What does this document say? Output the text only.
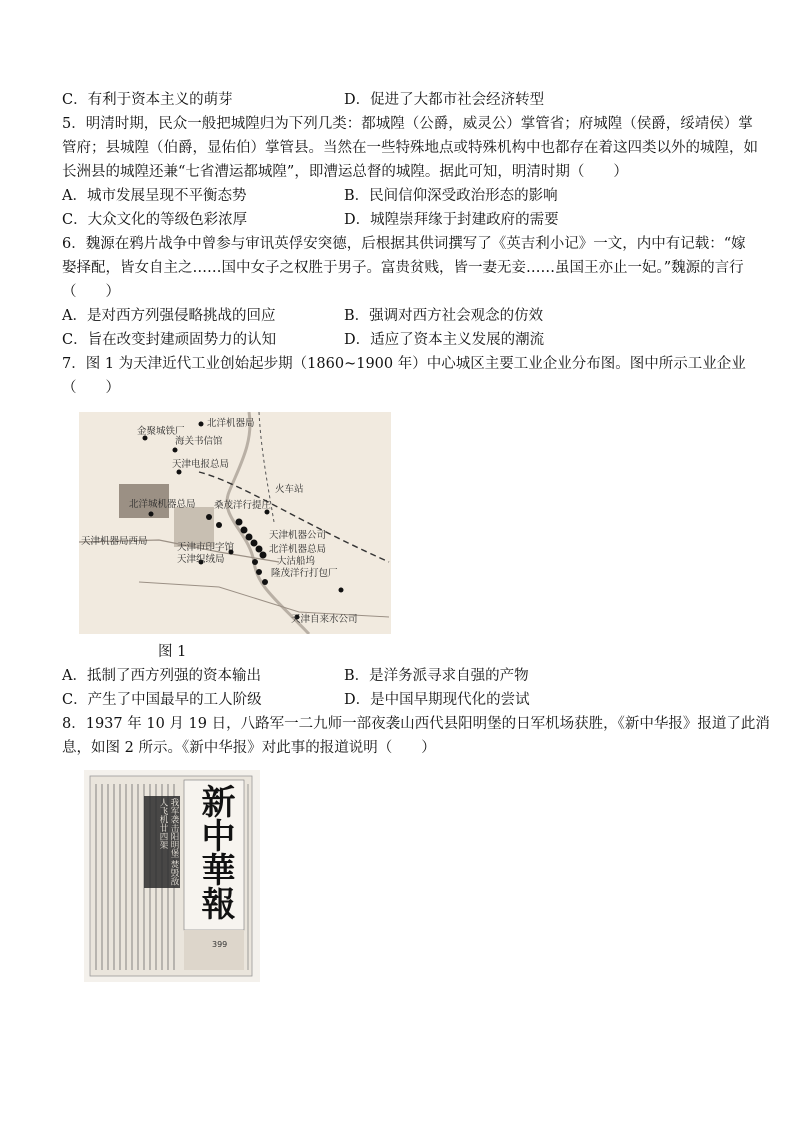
C．有利于资本主义的萌芽	D．促进了大都市社会经济转型
5．明清时期，民众一般把城隍归为下列几类：都城隍（公爵，威灵公）掌管省；府城隍（侯爵，绥靖侯）掌
管府；县城隍（伯爵，显佑伯）掌管县。当然在一些特殊地点或特殊机构中也都存在着这四类以外的城隍，如
长洲县的城隍还兼“七省漕运都城隍”，即漕运总督的城隍。据此可知，明清时期（　　）
A．城市发展呈现不平衡态势	B．民间信仰深受政治形态的影响
C．大众文化的等级色彩浓厚	D．城隍崇拜缘于封建政府的需要
6．魏源在鸦片战争中曾参与审讯英俘安突德，后根据其供词撰写了《英吉利小记》一文，内中有记载：“嫁
娶择配，皆女自主之……国中女子之权胜于男子。富贵贫贱，皆一妻无妾……虽国王亦止一妃。”魏源的言行
（　　）
A．是对西方列强侵略挑战的回应	B．强调对西方社会观念的仿效
C．旨在改变封建顽固势力的认知	D．适应了资本主义发展的潮流
7．图 1 为天津近代工业创始起步期（1860~1900 年）中心城区主要工业企业分布图。图中所示工业企业
（　　）
北洋机器局
金聚城铁厂
海关书信馆
天津电报总局
北洋城机器总局 桑茂洋行提庄
天津机器局西局
天津市印字馆
天津织绒局
天津机器公司
北洋机器总局
大沽船坞
隆茂洋行打包厂
天津自来水公司
火车站
图 1
A．抵制了西方列强的资本输出	B．是洋务派寻求自强的产物
C．产生了中国最早的工人阶级	D．是中国早期现代化的尝试
8．1937 年 10 月 19 日，八路军一二九师一部夜袭山西代县阳明堡的日军机场获胜，《新中华报》报道了此消
息，如图 2 所示。《新中华报》对此事的报道说明（　　）
我军袭击阳明堡 焚毁敌人飞机廿四架 新中華報
399
